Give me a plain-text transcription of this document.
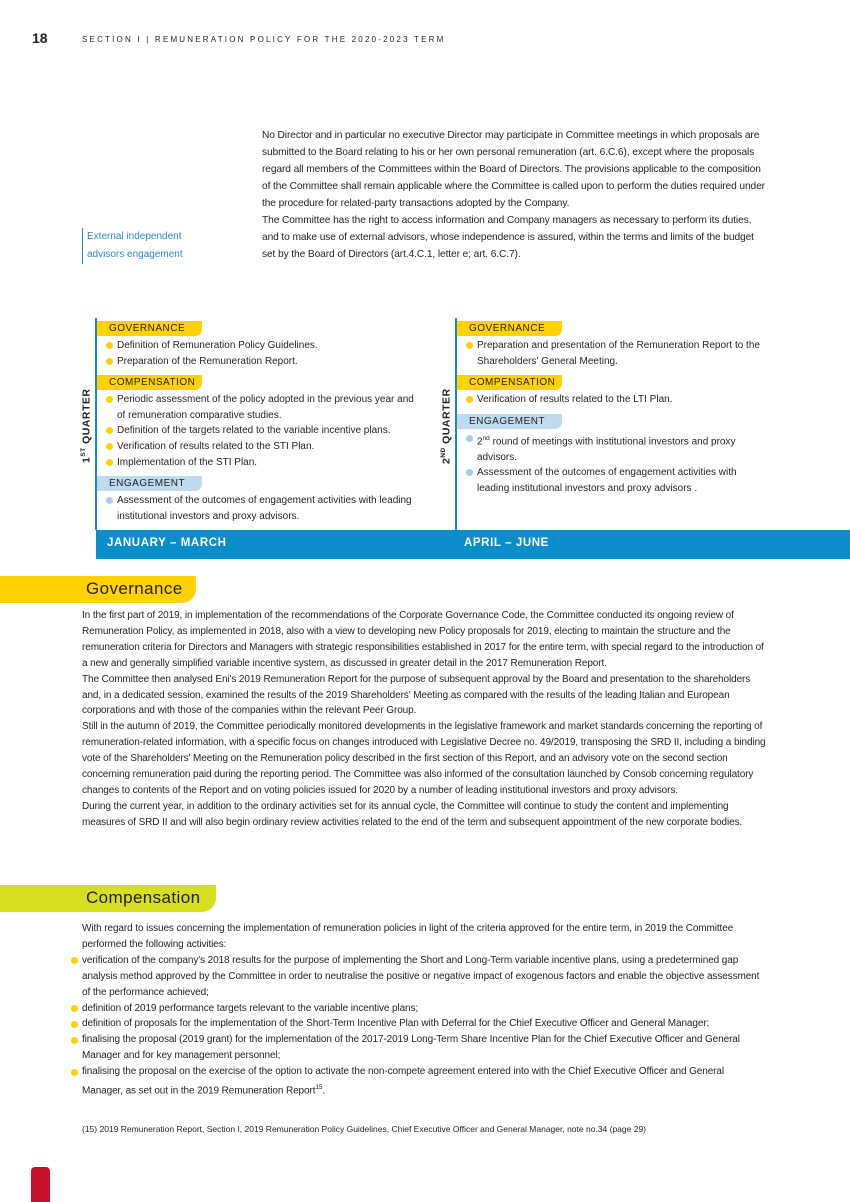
18	SECTION I | REMUNERATION POLICY FOR THE 2020-2023 TERM

No Director and in particular no executive Director may participate in Committee meetings in which proposals are submitted to the Board relating to his or her own personal remuneration (art. 6.C.6), except where the proposals regard all members of the Committees within the Board of Directors. The provisions applicable to the composition of the Committee shall remain applicable where the Committee is called upon to perform the duties required under the procedure for related-party transactions adopted by the Company.

The Committee has the right to access information and Company managers as necessary to perform its duties, and to make use of external advisors, whose independence is assured, within the terms and limits of the budget set by the Board of Directors (art.4.C.1, letter e; art. 6.C.7).

External independent
advisors engagement
1ST QUARTER
2ND QUARTER
GOVERNANCE
Definition of Remuneration Policy Guidelines.
Preparation of the Remuneration Report.
COMPENSATION
Periodic assessment of the policy adopted in the previous year and of remuneration comparative studies.
Definition of the targets related to the variable incentive plans.
Verification of results related to the STI Plan.
Implementation of the STI Plan.
ENGAGEMENT
Assessment of the outcomes of engagement activities with leading institutional investors and proxy advisors.
GOVERNANCE
Preparation and presentation of the Remuneration Report to the Shareholders' General Meeting.
COMPENSATION
Verification of results related to the LTI Plan.
ENGAGEMENT
2nd round of meetings with institutional investors and proxy advisors.
Assessment of the outcomes of engagement activities with leading institutional investors and proxy advisors .
JANUARY – MARCH	APRIL – JUNE
Governance

In the first part of 2019, in implementation of the recommendations of the Corporate Governance Code, the Committee conducted its ongoing review of Remuneration Policy, as implemented in 2018, also with a view to developing new Policy proposals for 2019, electing to maintain the structure and the remuneration criteria for Directors and Managers with strategic responsibilities established in 2017 for the entire term, with special regard to the introduction of a new and generally simplified variable incentive system, as discussed in greater detail in the 2017 Remuneration Report.

The Committee then analysed Eni's 2019 Remuneration Report for the purpose of subsequent approval by the Board and presentation to the shareholders and, in a dedicated session, examined the results of the 2019 Shareholders' Meeting as compared with the results of the leading Italian and European corporations and with those of the companies within the relevant Peer Group.

Still in the autumn of 2019, the Committee periodically monitored developments in the legislative framework and market standards concerning the reporting of remuneration-related information, with a specific focus on changes introduced with Legislative Decree no. 49/2019, transposing the SRD II, including a binding vote of the Shareholders' Meeting on the Remuneration policy described in the first section of this Report, and an advisory vote on the second section concerning remuneration paid during the reporting period. The Committee was also informed of the consultation launched by Consob concerning regulatory changes to contents of the Report and on voting policies issued for 2020 by a number of leading institutional investors and proxy advisors.

During the current year, in addition to the ordinary activities set for its annual cycle, the Committee will continue to study the content and implementing measures of SRD II and will also begin ordinary review activities related to the end of the term and subsequent appointment of the new corporate bodies.

Compensation

With regard to issues concerning the implementation of remuneration policies in light of the criteria approved for the entire term, in 2019 the Committee performed the following activities:

verification of the company's 2018 results for the purpose of implementing the Short and Long-Term variable incentive plans, using a predetermined gap analysis method approved by the Committee in order to neutralise the positive or negative impact of exogenous factors and enable the objective assessment of the performance achieved;
definition of 2019 performance targets relevant to the variable incentive plans;
definition of proposals for the implementation of the Short-Term Incentive Plan with Deferral for the Chief Executive Officer and General Manager;
finalising the proposal (2019 grant) for the implementation of the 2017-2019 Long-Term Share Incentive Plan for the Chief Executive Officer and General Manager and for key management personnel;
finalising the proposal on the exercise of the option to activate the non-compete agreement entered into with the Chief Executive Officer and General Manager, as set out in the 2019 Remuneration Report$^{15}$.
(15) 2019 Remuneration Report, Section I, 2019 Remuneration Policy Guidelines, Chief Executive Officer and General Manager, note no.34 (page 29)
